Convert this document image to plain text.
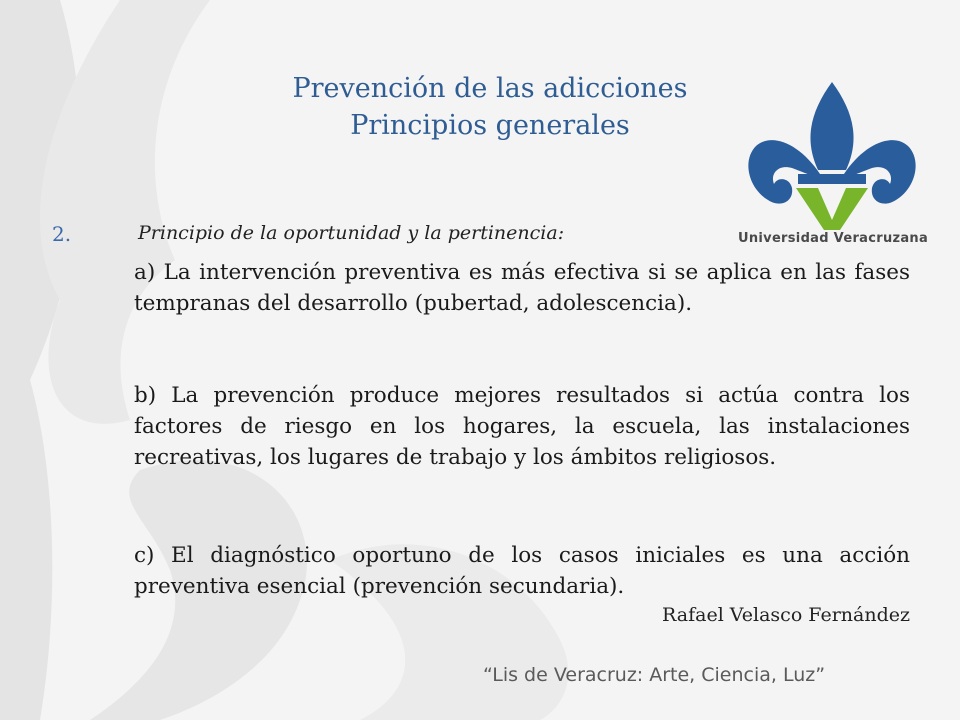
Prevención de las adicciones
Principios generales
Universidad Veracruzana
2.	Principio de la oportunidad y la pertinencia:
a) La intervención preventiva es más efectiva si se aplica en las fases tempranas del desarrollo (pubertad, adolescencia).
b) La prevención produce mejores resultados si actúa contra los factores de riesgo en los hogares, la escuela, las instalaciones recreativas, los lugares de trabajo y los ámbitos religiosos.
c) El diagnóstico oportuno de los casos iniciales es una acción preventiva esencial (prevención secundaria).
Rafael Velasco Fernández
“Lis de Veracruz: Arte, Ciencia, Luz”
